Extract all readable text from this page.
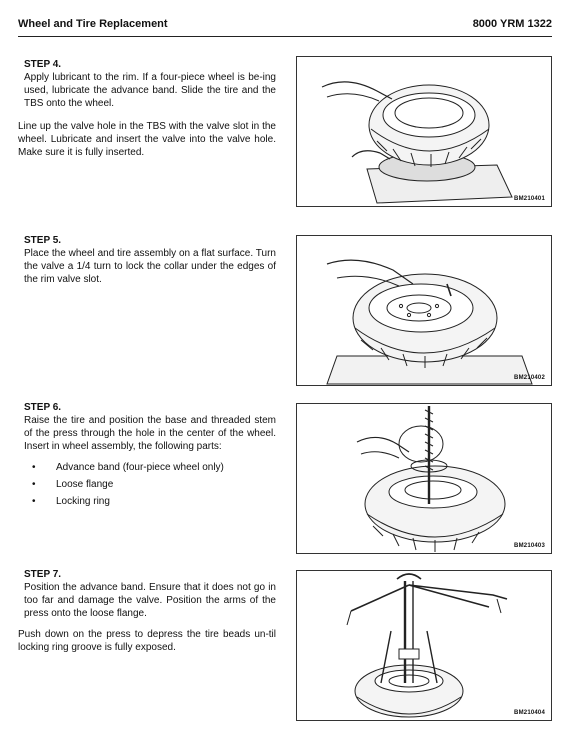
Wheel and Tire Replacement	8000 YRM 1322
STEP 4.
Apply lubricant to the rim. If a four-piece wheel is be-ing used, lubricate the advance band. Slide the tire and the TBS onto the wheel.
Line up the valve hole in the TBS with the valve slot in the wheel. Lubricate and insert the valve into the valve hole. Make sure it is fully inserted.
BM210401
STEP 5.
Place the wheel and tire assembly on a flat surface. Turn the valve a 1/4 turn to lock the collar under the edges of the rim valve slot.
BM210402
STEP 6.
Raise the tire and position the base and threaded stem of the press through the hole in the center of the wheel. Insert in wheel assembly, the following parts:
• Advance band (four-piece wheel only)
• Loose flange
• Locking ring
BM210403
STEP 7.
Position the advance band. Ensure that it does not go in too far and damage the valve. Position the arms of the press onto the loose flange.
Push down on the press to depress the tire beads un-til locking ring groove is fully exposed.
BM210404
